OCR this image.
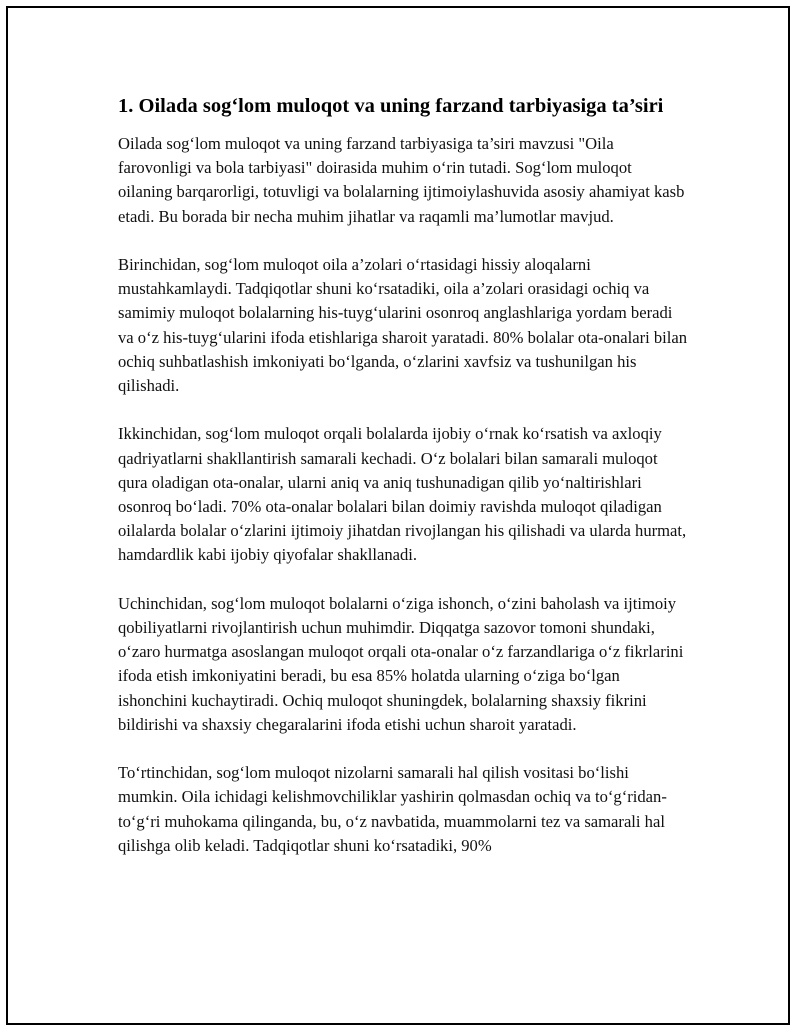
1. Oilada sog‘lom muloqot va uning farzand tarbiyasiga ta’siri

Oilada sog‘lom muloqot va uning farzand tarbiyasiga ta’siri mavzusi "Oila farovonligi va bola tarbiyasi" doirasida muhim o‘rin tutadi. Sog‘lom muloqot oilaning barqarorligi, totuvligi va bolalarning ijtimoiylashuvida asosiy ahamiyat kasb etadi. Bu borada bir necha muhim jihatlar va raqamli ma’lumotlar mavjud.

Birinchidan, sog‘lom muloqot oila a’zolari o‘rtasidagi hissiy aloqalarni mustahkamlaydi. Tadqiqotlar shuni ko‘rsatadiki, oila a’zolari orasidagi ochiq va samimiy muloqot bolalarning his-tuyg‘ularini osonroq anglashlariga yordam beradi va o‘z his-tuyg‘ularini ifoda etishlariga sharoit yaratadi. 80% bolalar ota-onalari bilan ochiq suhbatlashish imkoniyati bo‘lganda, o‘zlarini xavfsiz va tushunilgan his qilishadi.

Ikkinchidan, sog‘lom muloqot orqali bolalarda ijobiy o‘rnak ko‘rsatish va axloqiy qadriyatlarni shakllantirish samarali kechadi. O‘z bolalari bilan samarali muloqot qura oladigan ota-onalar, ularni aniq va aniq tushunadigan qilib yo‘naltirishlari osonroq bo‘ladi. 70% ota-onalar bolalari bilan doimiy ravishda muloqot qiladigan oilalarda bolalar o‘zlarini ijtimoiy jihatdan rivojlangan his qilishadi va ularda hurmat, hamdardlik kabi ijobiy qiyofalar shakllanadi.

Uchinchidan, sog‘lom muloqot bolalarni o‘ziga ishonch, o‘zini baholash va ijtimoiy qobiliyatlarni rivojlantirish uchun muhimdir. Diqqatga sazovor tomoni shundaki, o‘zaro hurmatga asoslangan muloqot orqali ota-onalar o‘z farzandlariga o‘z fikrlarini ifoda etish imkoniyatini beradi, bu esa 85% holatda ularning o‘ziga bo‘lgan ishonchini kuchaytiradi. Ochiq muloqot shuningdek, bolalarning shaxsiy fikrini bildirishi va shaxsiy chegaralarini ifoda etishi uchun sharoit yaratadi.

To‘rtinchidan, sog‘lom muloqot nizolarni samarali hal qilish vositasi bo‘lishi mumkin. Oila ichidagi kelishmovchiliklar yashirin qolmasdan ochiq va to‘g‘ridan-to‘g‘ri muhokama qilinganda, bu, o‘z navbatida, muammolarni tez va samarali hal qilishga olib keladi. Tadqiqotlar shuni ko‘rsatadiki, 90%
